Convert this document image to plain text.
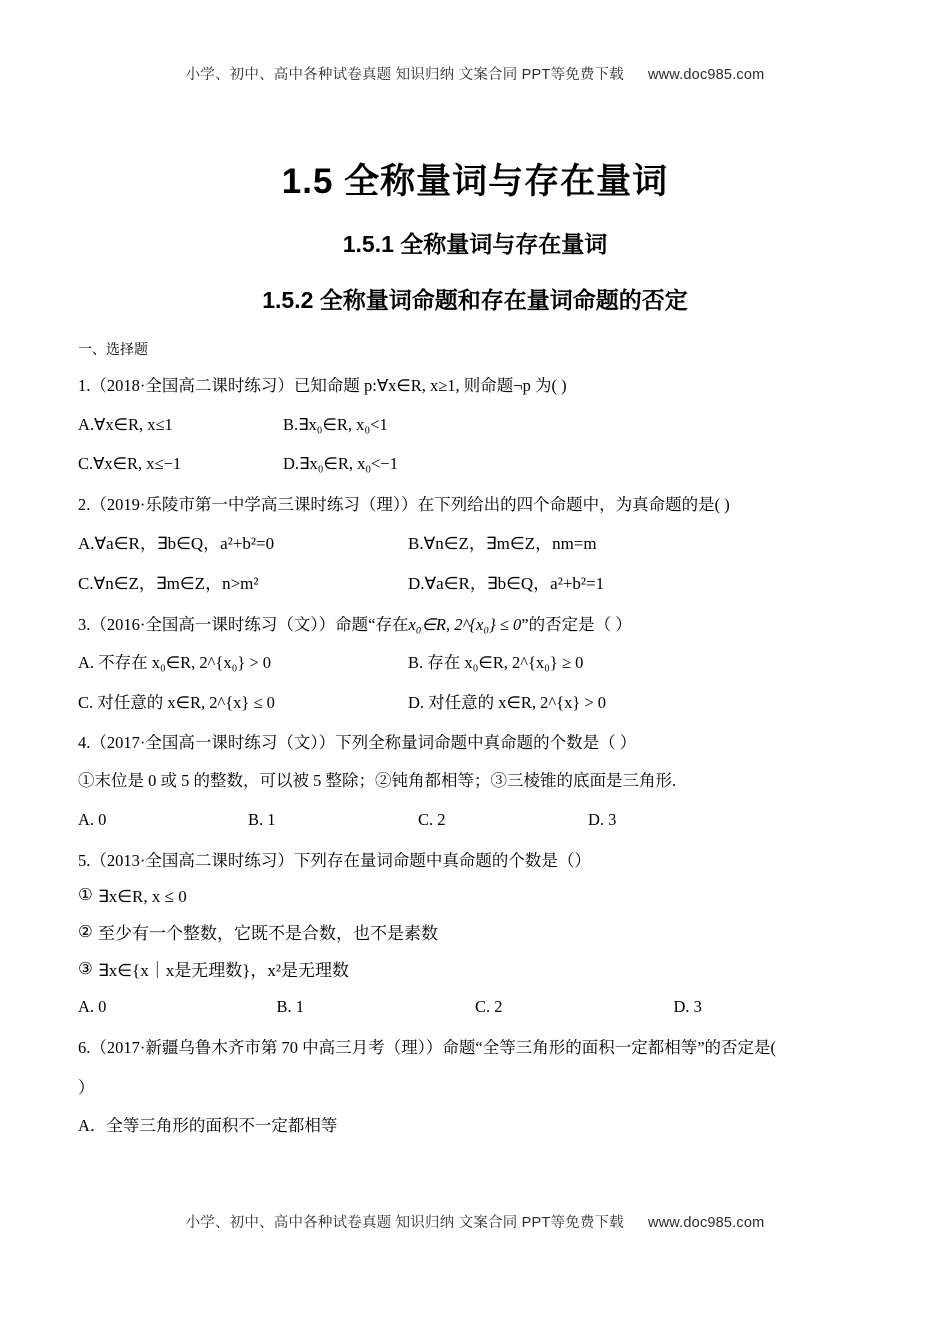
小学、初中、高中各种试卷真题 知识归纳 文案合同 PPT等免费下载 www.doc985.com
1.5 全称量词与存在量词
1.5.1 全称量词与存在量词
1.5.2 全称量词命题和存在量词命题的否定
一、选择题
1.（2018·全国高二课时练习）已知命题 p:∀x∈R, x≥1, 则命题¬p 为( )
A.∀x∈R, x≤1	B.∃x₀∈R, x₀<1
C.∀x∈R, x≤−1	D.∃x₀∈R, x₀<−1
2.（2019·乐陵市第一中学高三课时练习（理））在下列给出的四个命题中，为真命题的是( )
A.∀a∈R，∃b∈Q，a²+b²=0	B.∀n∈Z，∃m∈Z，nm=m
C.∀n∈Z，∃m∈Z，n>m²	D.∀a∈R，∃b∈Q，a²+b²=1
3.（2016·全国高一课时练习（文））命题“存在x₀∈R, 2^{x₀} ≤ 0”的否定是（ ）
A. 不存在 x₀∈R, 2^{x₀} > 0	B. 存在 x₀∈R, 2^{x₀} ≥ 0
C. 对任意的 x∈R, 2^{x} ≤ 0	D. 对任意的 x∈R, 2^{x} > 0
4.（2017·全国高一课时练习（文））下列全称量词命题中真命题的个数是（ ）
①末位是 0 或 5 的整数，可以被 5 整除；②钝角都相等；③三棱锥的底面是三角形.
A. 0	B. 1	C. 2	D. 3
5.（2013·全国高二课时练习）下列存在量词命题中真命题的个数是（）
① ∃x∈R, x ≤ 0
② 至少有一个整数，它既不是合数，也不是素数
③ ∃x∈{x｜x是无理数}，x²是无理数
A. 0	B. 1	C. 2	D. 3
6.（2017·新疆乌鲁木齐市第 70 中高三月考（理））命题“全等三角形的面积一定都相等”的否定是(
）
A．全等三角形的面积不一定都相等
小学、初中、高中各种试卷真题 知识归纳 文案合同 PPT等免费下载 www.doc985.com
